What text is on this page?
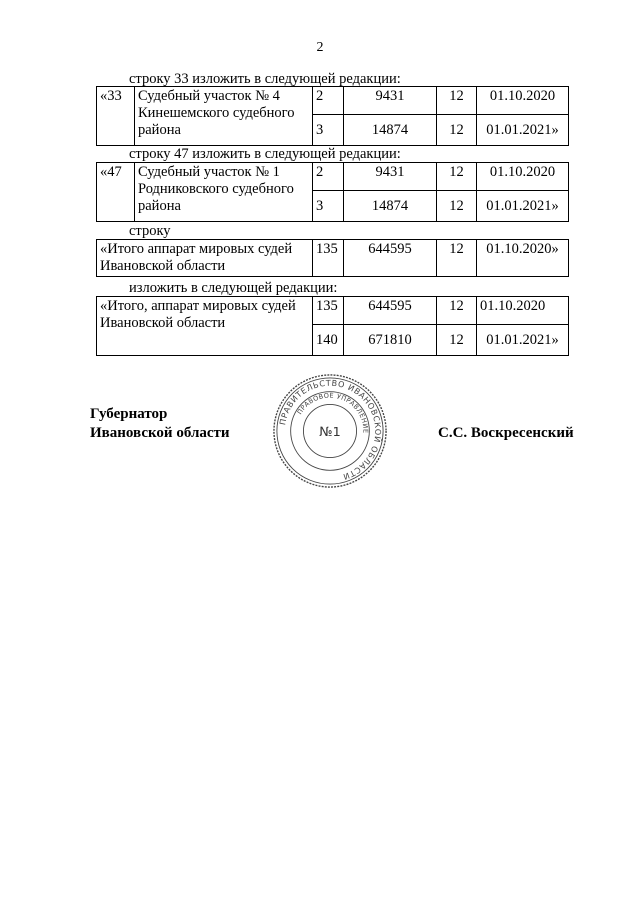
2
строку 33 изложить в следующей редакции:
«33	Судебный участок № 4 Кинешемского судебного района	2	9431	12	01.10.2020
		3	14874	12	01.01.2021»
строку 47 изложить в следующей редакции:
«47	Судебный участок № 1 Родниковского судебного района	2	9431	12	01.10.2020
		3	14874	12	01.01.2021»
строку
«Итого аппарат мировых судей Ивановской области	135	644595	12	01.10.2020»
изложить в следующей редакции:
«Итого, аппарат мировых судей Ивановской области	135	644595	12	01.10.2020
	140	671810	12	01.01.2021»
Губернатор
Ивановской области	С.С. Воскресенский
ПРАВИТЕЛЬСТВО ИВАНОВСКОЙ ОБЛАСТИ
ПРАВОВОЕ УПРАВЛЕНИЕ
№1
